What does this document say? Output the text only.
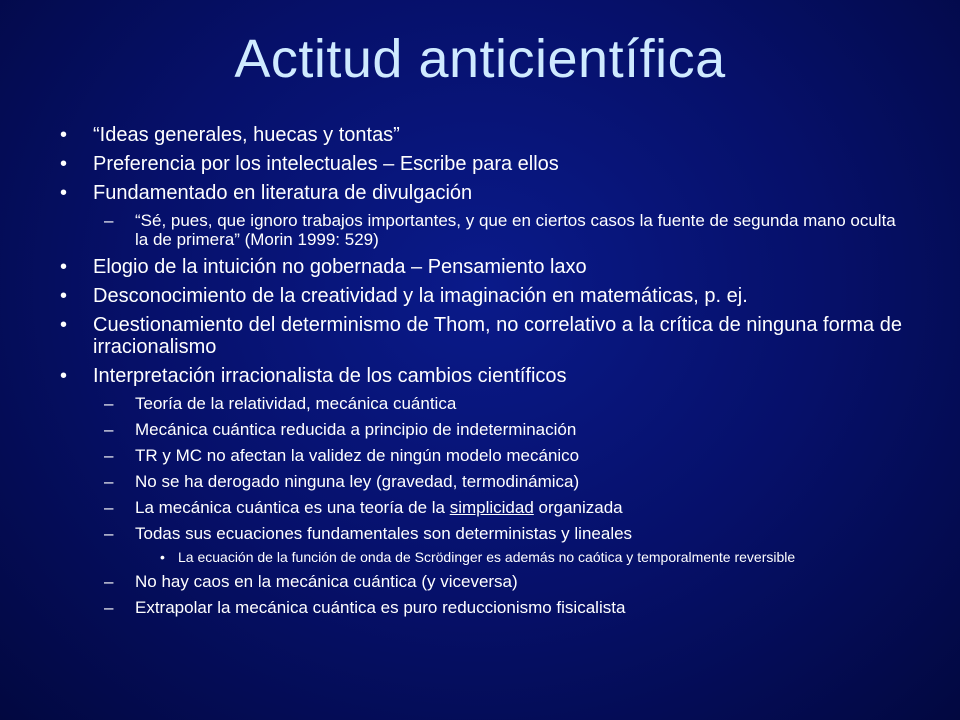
Actitud anticientífica
•	“Ideas generales, huecas y tontas”
•	Preferencia por los intelectuales – Escribe para ellos
•	Fundamentado en literatura de divulgación
–	“Sé, pues, que ignoro trabajos importantes, y que en ciertos casos la fuente de segunda mano oculta la de primera” (Morin 1999: 529)
•	Elogio de la intuición no gobernada – Pensamiento laxo
•	Desconocimiento de la creatividad y la imaginación en matemáticas, p. ej.
•	Cuestionamiento del determinismo de Thom, no correlativo a la crítica de ninguna forma de irracionalismo
•	Interpretación irracionalista de los cambios científicos
–	Teoría de la relatividad, mecánica cuántica
–	Mecánica cuántica reducida a principio de indeterminación
–	TR y MC no afectan la validez de ningún modelo mecánico
–	No se ha derogado ninguna ley (gravedad, termodinámica)
–	La mecánica cuántica es una teoría de la simplicidad organizada
–	Todas sus ecuaciones fundamentales son deterministas y lineales
• La ecuación de la función de onda de Scrödinger es además no caótica y temporalmente reversible
–	No hay caos en la mecánica cuántica (y viceversa)
–	Extrapolar la mecánica cuántica es puro reduccionismo fisicalista
